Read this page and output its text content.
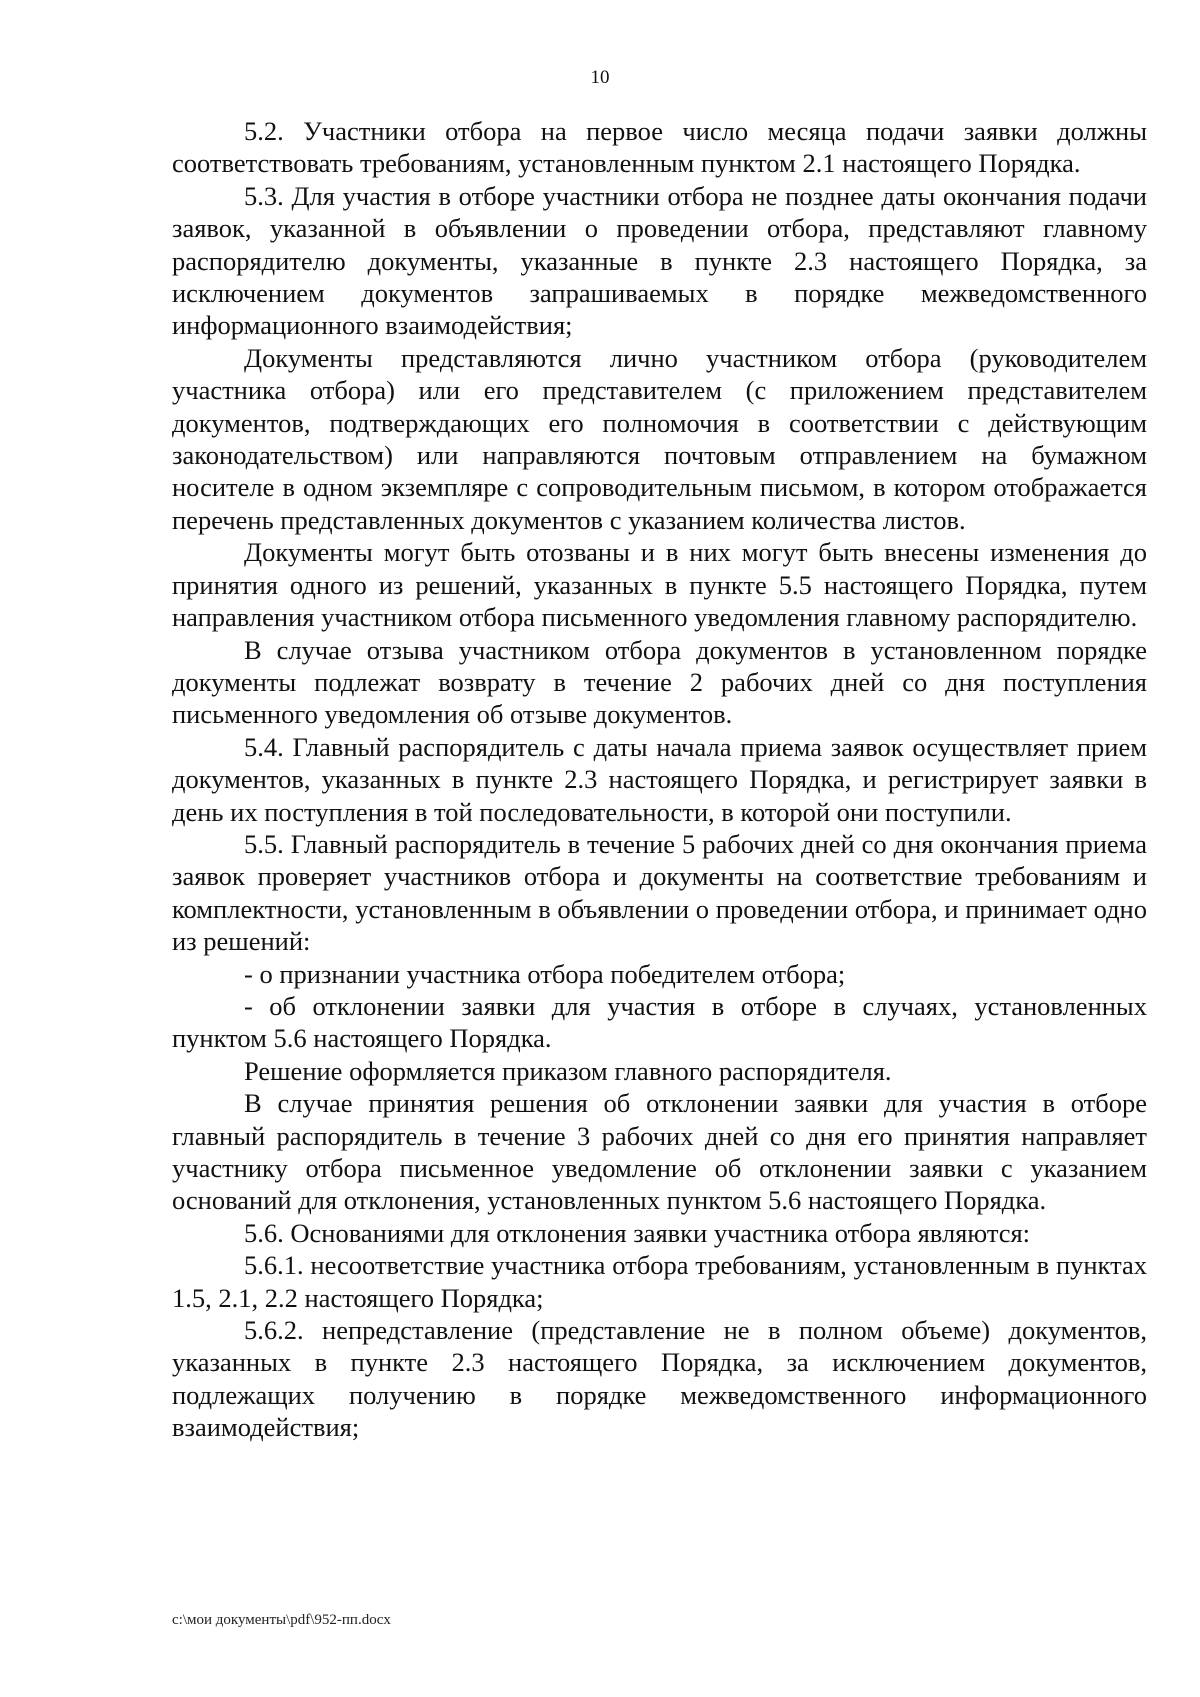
10

5.2. Участники отбора на первое число месяца подачи заявки должны соответствовать требованиям, установленным пунктом 2.1 настоящего Порядка.

5.3. Для участия в отборе участники отбора не позднее даты окончания подачи заявок, указанной в объявлении о проведении отбора, представляют главному распорядителю документы, указанные в пункте 2.3 настоящего Порядка, за исключением документов запрашиваемых в порядке межведомственного информационного взаимодействия;

Документы представляются лично участником отбора (руководителем участника отбора) или его представителем (с приложением представителем документов, подтверждающих его полномочия в соответствии с действующим законодательством) или направляются почтовым отправлением на бумажном носителе в одном экземпляре с сопроводительным письмом, в котором отображается перечень представленных документов с указанием количества листов.

Документы могут быть отозваны и в них могут быть внесены изменения до принятия одного из решений, указанных в пункте 5.5 настоящего Порядка, путем направления участником отбора письменного уведомления главному распорядителю.

В случае отзыва участником отбора документов в установленном порядке документы подлежат возврату в течение 2 рабочих дней со дня поступления письменного уведомления об отзыве документов.

5.4. Главный распорядитель с даты начала приема заявок осуществляет прием документов, указанных в пункте 2.3 настоящего Порядка, и регистрирует заявки в день их поступления в той последовательности, в которой они поступили.

5.5. Главный распорядитель в течение 5 рабочих дней со дня окончания приема заявок проверяет участников отбора и документы на соответствие требованиям и комплектности, установленным в объявлении о проведении отбора, и принимает одно из решений:

- о признании участника отбора победителем отбора;

- об отклонении заявки для участия в отборе в случаях, установленных пунктом 5.6 настоящего Порядка.

Решение оформляется приказом главного распорядителя.

В случае принятия решения об отклонении заявки для участия в отборе главный распорядитель в течение 3 рабочих дней со дня его принятия направляет участнику отбора письменное уведомление об отклонении заявки с указанием оснований для отклонения, установленных пунктом 5.6 настоящего Порядка.

5.6. Основаниями для отклонения заявки участника отбора являются:

5.6.1. несоответствие участника отбора требованиям, установленным в пунктах 1.5, 2.1, 2.2 настоящего Порядка;

5.6.2. непредставление (представление не в полном объеме) документов, указанных в пункте 2.3 настоящего Порядка, за исключением документов, подлежащих получению в порядке межведомственного информационного взаимодействия;

c:\мои документы\pdf\952-пп.docx
